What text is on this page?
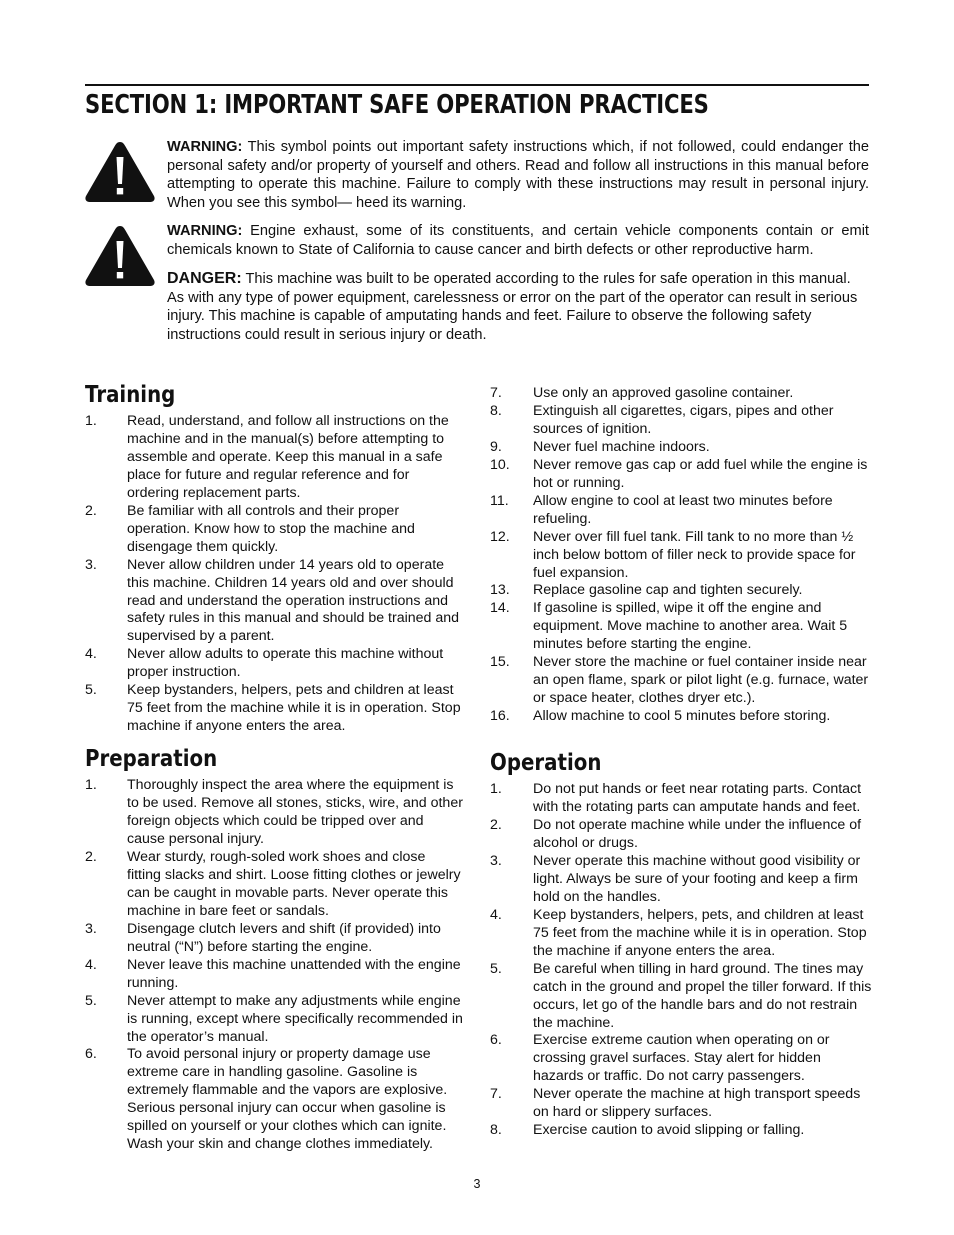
SECTION 1: IMPORTANT SAFE OPERATION PRACTICES

WARNING: This symbol points out important safety instructions which, if not followed, could endanger the personal safety and/or property of yourself and others. Read and follow all instructions in this manual before attempting to operate this machine. Failure to comply with these instructions may result in personal injury. When you see this symbol— heed its warning.

WARNING: Engine exhaust, some of its constituents, and certain vehicle components contain or emit chemicals known to State of California to cause cancer and birth defects or other reproductive harm.

DANGER: This machine was built to be operated according to the rules for safe operation in this manual. As with any type of power equipment, carelessness or error on the part of the operator can result in serious injury. This machine is capable of amputating hands and feet. Failure to observe the following safety instructions could result in serious injury or death.

Training
1. Read, understand, and follow all instructions on the machine and in the manual(s) before attempting to assemble and operate. Keep this manual in a safe place for future and regular reference and for ordering replacement parts.
2. Be familiar with all controls and their proper operation. Know how to stop the machine and disengage them quickly.
3. Never allow children under 14 years old to operate this machine. Children 14 years old and over should read and understand the operation instructions and safety rules in this manual and should be trained and supervised by a parent.
4. Never allow adults to operate this machine without proper instruction.
5. Keep bystanders, helpers, pets and children at least 75 feet from the machine while it is in operation. Stop machine if anyone enters the area.
Preparation
1. Thoroughly inspect the area where the equipment is to be used. Remove all stones, sticks, wire, and other foreign objects which could be tripped over and cause personal injury.
2. Wear sturdy, rough-soled work shoes and close fitting slacks and shirt. Loose fitting clothes or jewelry can be caught in movable parts. Never operate this machine in bare feet or sandals.
3. Disengage clutch levers and shift (if provided) into neutral (“N”) before starting the engine.
4. Never leave this machine unattended with the engine running.
5. Never attempt to make any adjustments while engine is running, except where specifically recommended in the operator’s manual.
6. To avoid personal injury or property damage use extreme care in handling gasoline. Gasoline is extremely flammable and the vapors are explosive. Serious personal injury can occur when gasoline is spilled on yourself or your clothes which can ignite. Wash your skin and change clothes immediately.
7. Use only an approved gasoline container.
8. Extinguish all cigarettes, cigars, pipes and other sources of ignition.
9. Never fuel machine indoors.
10. Never remove gas cap or add fuel while the engine is hot or running.
11. Allow engine to cool at least two minutes before refueling.
12. Never over fill fuel tank. Fill tank to no more than ½ inch below bottom of filler neck to provide space for fuel expansion.
13. Replace gasoline cap and tighten securely.
14. If gasoline is spilled, wipe it off the engine and equipment. Move machine to another area. Wait 5 minutes before starting the engine.
15. Never store the machine or fuel container inside near an open flame, spark or pilot light (e.g. furnace, water or space heater, clothes dryer etc.).
16. Allow machine to cool 5 minutes before storing.
Operation
1. Do not put hands or feet near rotating parts. Contact with the rotating parts can amputate hands and feet.
2. Do not operate machine while under the influence of alcohol or drugs.
3. Never operate this machine without good visibility or light. Always be sure of your footing and keep a firm hold on the handles.
4. Keep bystanders, helpers, pets, and children at least 75 feet from the machine while it is in operation. Stop the machine if anyone enters the area.
5. Be careful when tilling in hard ground. The tines may catch in the ground and propel the tiller forward. If this occurs, let go of the handle bars and do not restrain the machine.
6. Exercise extreme caution when operating on or crossing gravel surfaces. Stay alert for hidden hazards or traffic. Do not carry passengers.
7. Never operate the machine at high transport speeds on hard or slippery surfaces.
8. Exercise caution to avoid slipping or falling.
3
